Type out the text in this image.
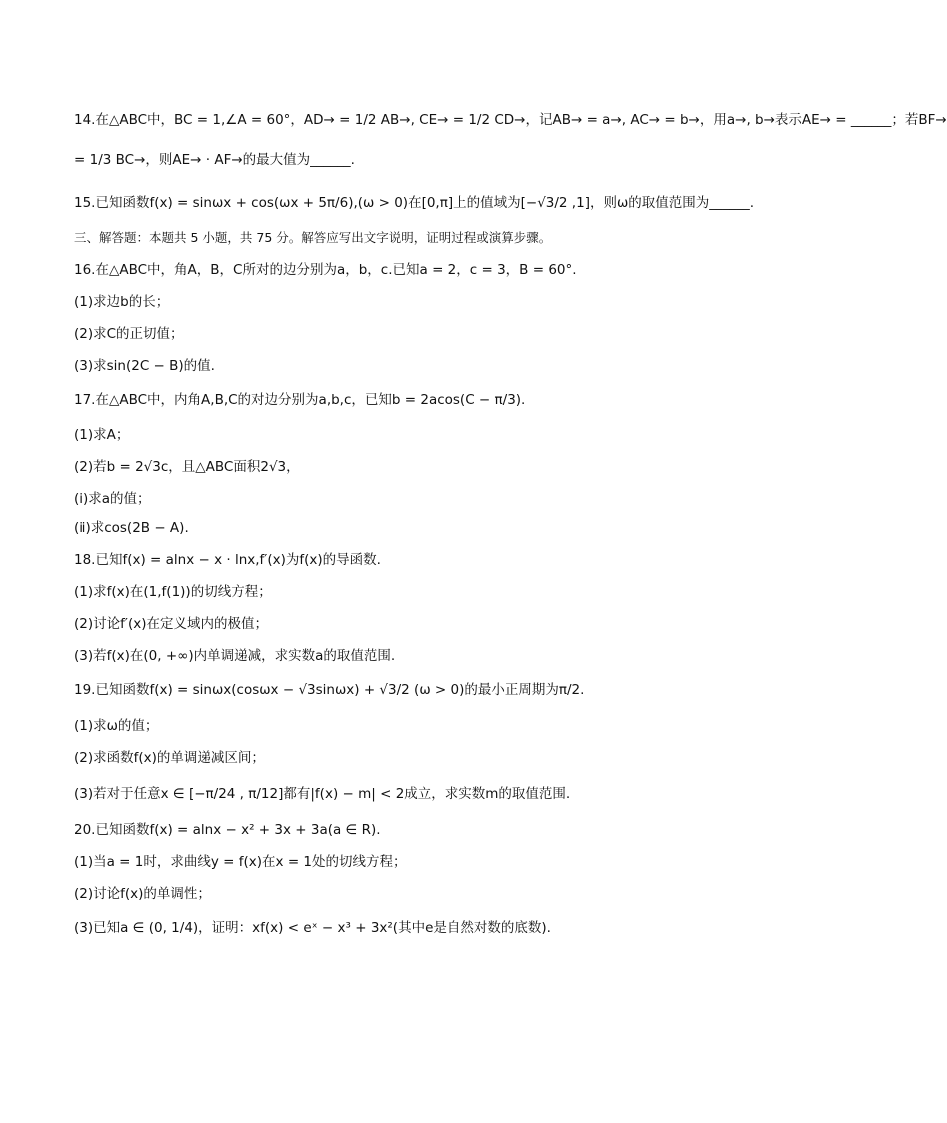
14.在△ABC中，BC = 1,∠A = 60°，AD→ = 1/2 AB→, CE→ = 1/2 CD→，记AB→ = a→, AC→ = b→，用a→, b→表示AE→ = ______；若BF→
= 1/3 BC→，则AE→ · AF→的最大值为______.
15.已知函数f(x) = sinωx + cos(ωx + 5π/6),(ω > 0)在[0,π]上的值域为[−√3/2 ,1]，则ω的取值范围为______.
三、解答题：本题共 5 小题，共 75 分。解答应写出文字说明，证明过程或演算步骤。
16.在△ABC中，角A，B，C所对的边分别为a，b，c.已知a = 2，c = 3，B = 60°.
(1)求边b的长；
(2)求C的正切值；
(3)求sin(2C − B)的值.
17.在△ABC中，内角A,B,C的对边分别为a,b,c，已知b = 2acos(C − π/3).
(1)求A；
(2)若b = 2√3c，且△ABC面积2√3，
(ⅰ)求a的值；
(ⅱ)求cos(2B − A).
18.已知f(x) = alnx − x · lnx,f′(x)为f(x)的导函数.
(1)求f(x)在(1,f(1))的切线方程；
(2)讨论f′(x)在定义域内的极值；
(3)若f(x)在(0, +∞)内单调递减，求实数a的取值范围.
19.已知函数f(x) = sinωx(cosωx − √3sinωx) + √3/2 (ω > 0)的最小正周期为π/2.
(1)求ω的值；
(2)求函数f(x)的单调递减区间；
(3)若对于任意x ∈ [−π/24 , π/12]都有|f(x) − m| < 2成立，求实数m的取值范围.
20.已知函数f(x) = alnx − x² + 3x + 3a(a ∈ R).
(1)当a = 1时，求曲线y = f(x)在x = 1处的切线方程；
(2)讨论f(x)的单调性；
(3)已知a ∈ (0, 1/4)，证明：xf(x) < eˣ − x³ + 3x²(其中e是自然对数的底数).
